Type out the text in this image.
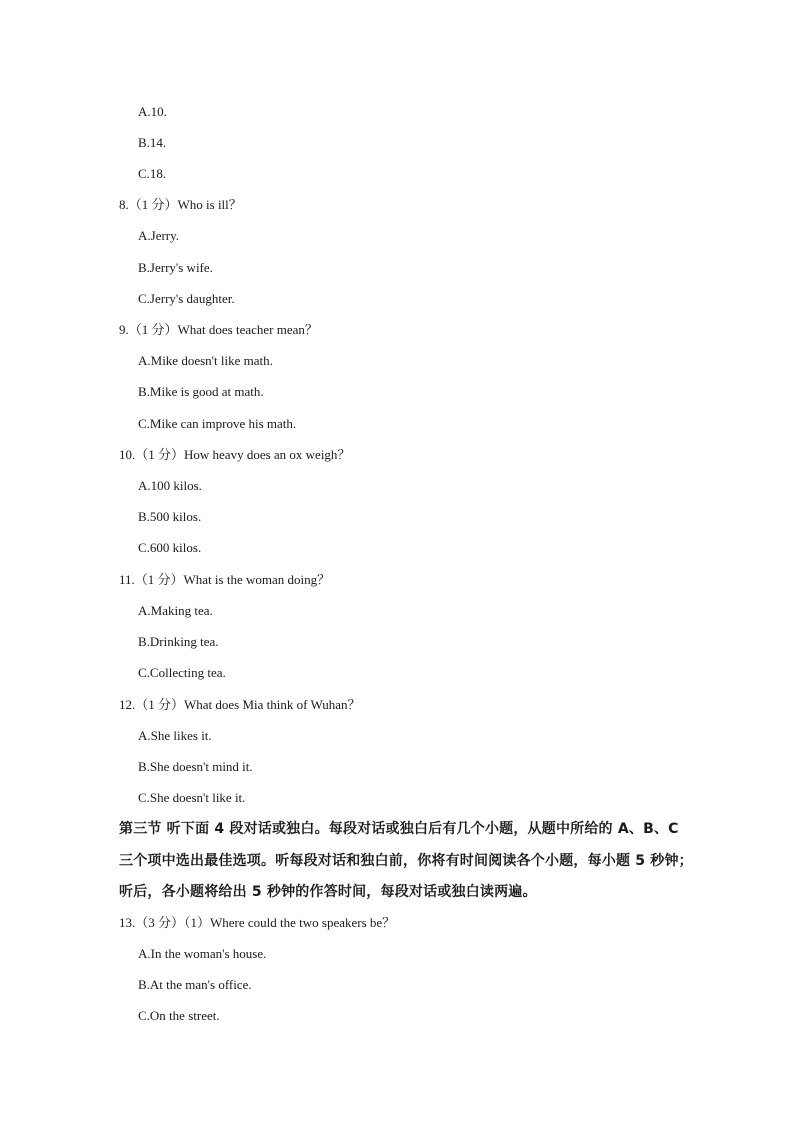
A.10.
B.14.
C.18.
8.（1 分）Who is ill？
A.Jerry.
B.Jerry's wife.
C.Jerry's daughter.
9.（1 分）What does teacher mean？
A.Mike doesn't like math.
B.Mike is good at math.
C.Mike can improve his math.
10.（1 分）How heavy does an ox weigh？
A.100 kilos.
B.500 kilos.
C.600 kilos.
11.（1 分）What is the woman doing？
A.Making tea.
B.Drinking tea.
C.Collecting tea.
12.（1 分）What does Mia think of Wuhan？
A.She likes it.
B.She doesn't mind it.
C.She doesn't like it.
第三节 听下面 4 段对话或独白。每段对话或独白后有几个小题，从题中所给的 A、B、C
三个项中选出最佳选项。听每段对话和独白前，你将有时间阅读各个小题，每小题 5 秒钟；
听后，各小题将给出 5 秒钟的作答时间，每段对话或独白读两遍。
13.（3 分）（1）Where could the two speakers be？
A.In the woman's house.
B.At the man's office.
C.On the street.
